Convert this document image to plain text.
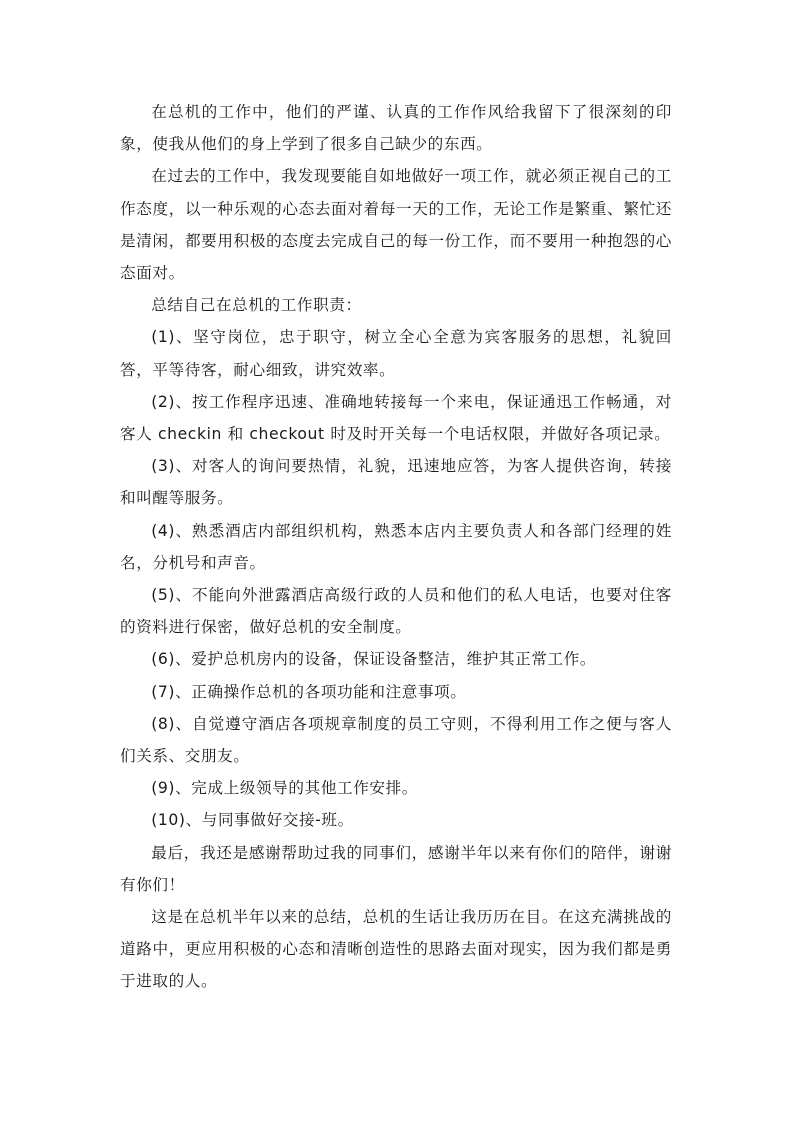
在总机的工作中，他们的严谨、认真的工作作风给我留下了很深刻的印象，使我从他们的身上学到了很多自己缺少的东西。

在过去的工作中，我发现要能自如地做好一项工作，就必须正视自己的工作态度，以一种乐观的心态去面对着每一天的工作，无论工作是繁重、繁忙还是清闲，都要用积极的态度去完成自己的每一份工作，而不要用一种抱怨的心态面对。

总结自己在总机的工作职责：

(1)、坚守岗位，忠于职守，树立全心全意为宾客服务的思想，礼貌回答，平等待客，耐心细致，讲究效率。

(2)、按工作程序迅速、准确地转接每一个来电，保证通迅工作畅通，对客人 checkin 和 checkout 时及时开关每一个电话权限，并做好各项记录。

(3)、对客人的询问要热情，礼貌，迅速地应答，为客人提供咨询，转接和叫醒等服务。

(4)、熟悉酒店内部组织机构，熟悉本店内主要负责人和各部门经理的姓名，分机号和声音。

(5)、不能向外泄露酒店高级行政的人员和他们的私人电话，也要对住客的资料进行保密，做好总机的安全制度。

(6)、爱护总机房内的设备，保证设备整洁，维护其正常工作。

(7)、正确操作总机的各项功能和注意事项。

(8)、自觉遵守酒店各项规章制度的员工守则，不得利用工作之便与客人们关系、交朋友。

(9)、完成上级领导的其他工作安排。

(10)、与同事做好交接-班。

最后，我还是感谢帮助过我的同事们，感谢半年以来有你们的陪伴，谢谢有你们！

这是在总机半年以来的总结，总机的生话让我历历在目。在这充满挑战的道路中，更应用积极的心态和清晰创造性的思路去面对现实，因为我们都是勇于进取的人。
